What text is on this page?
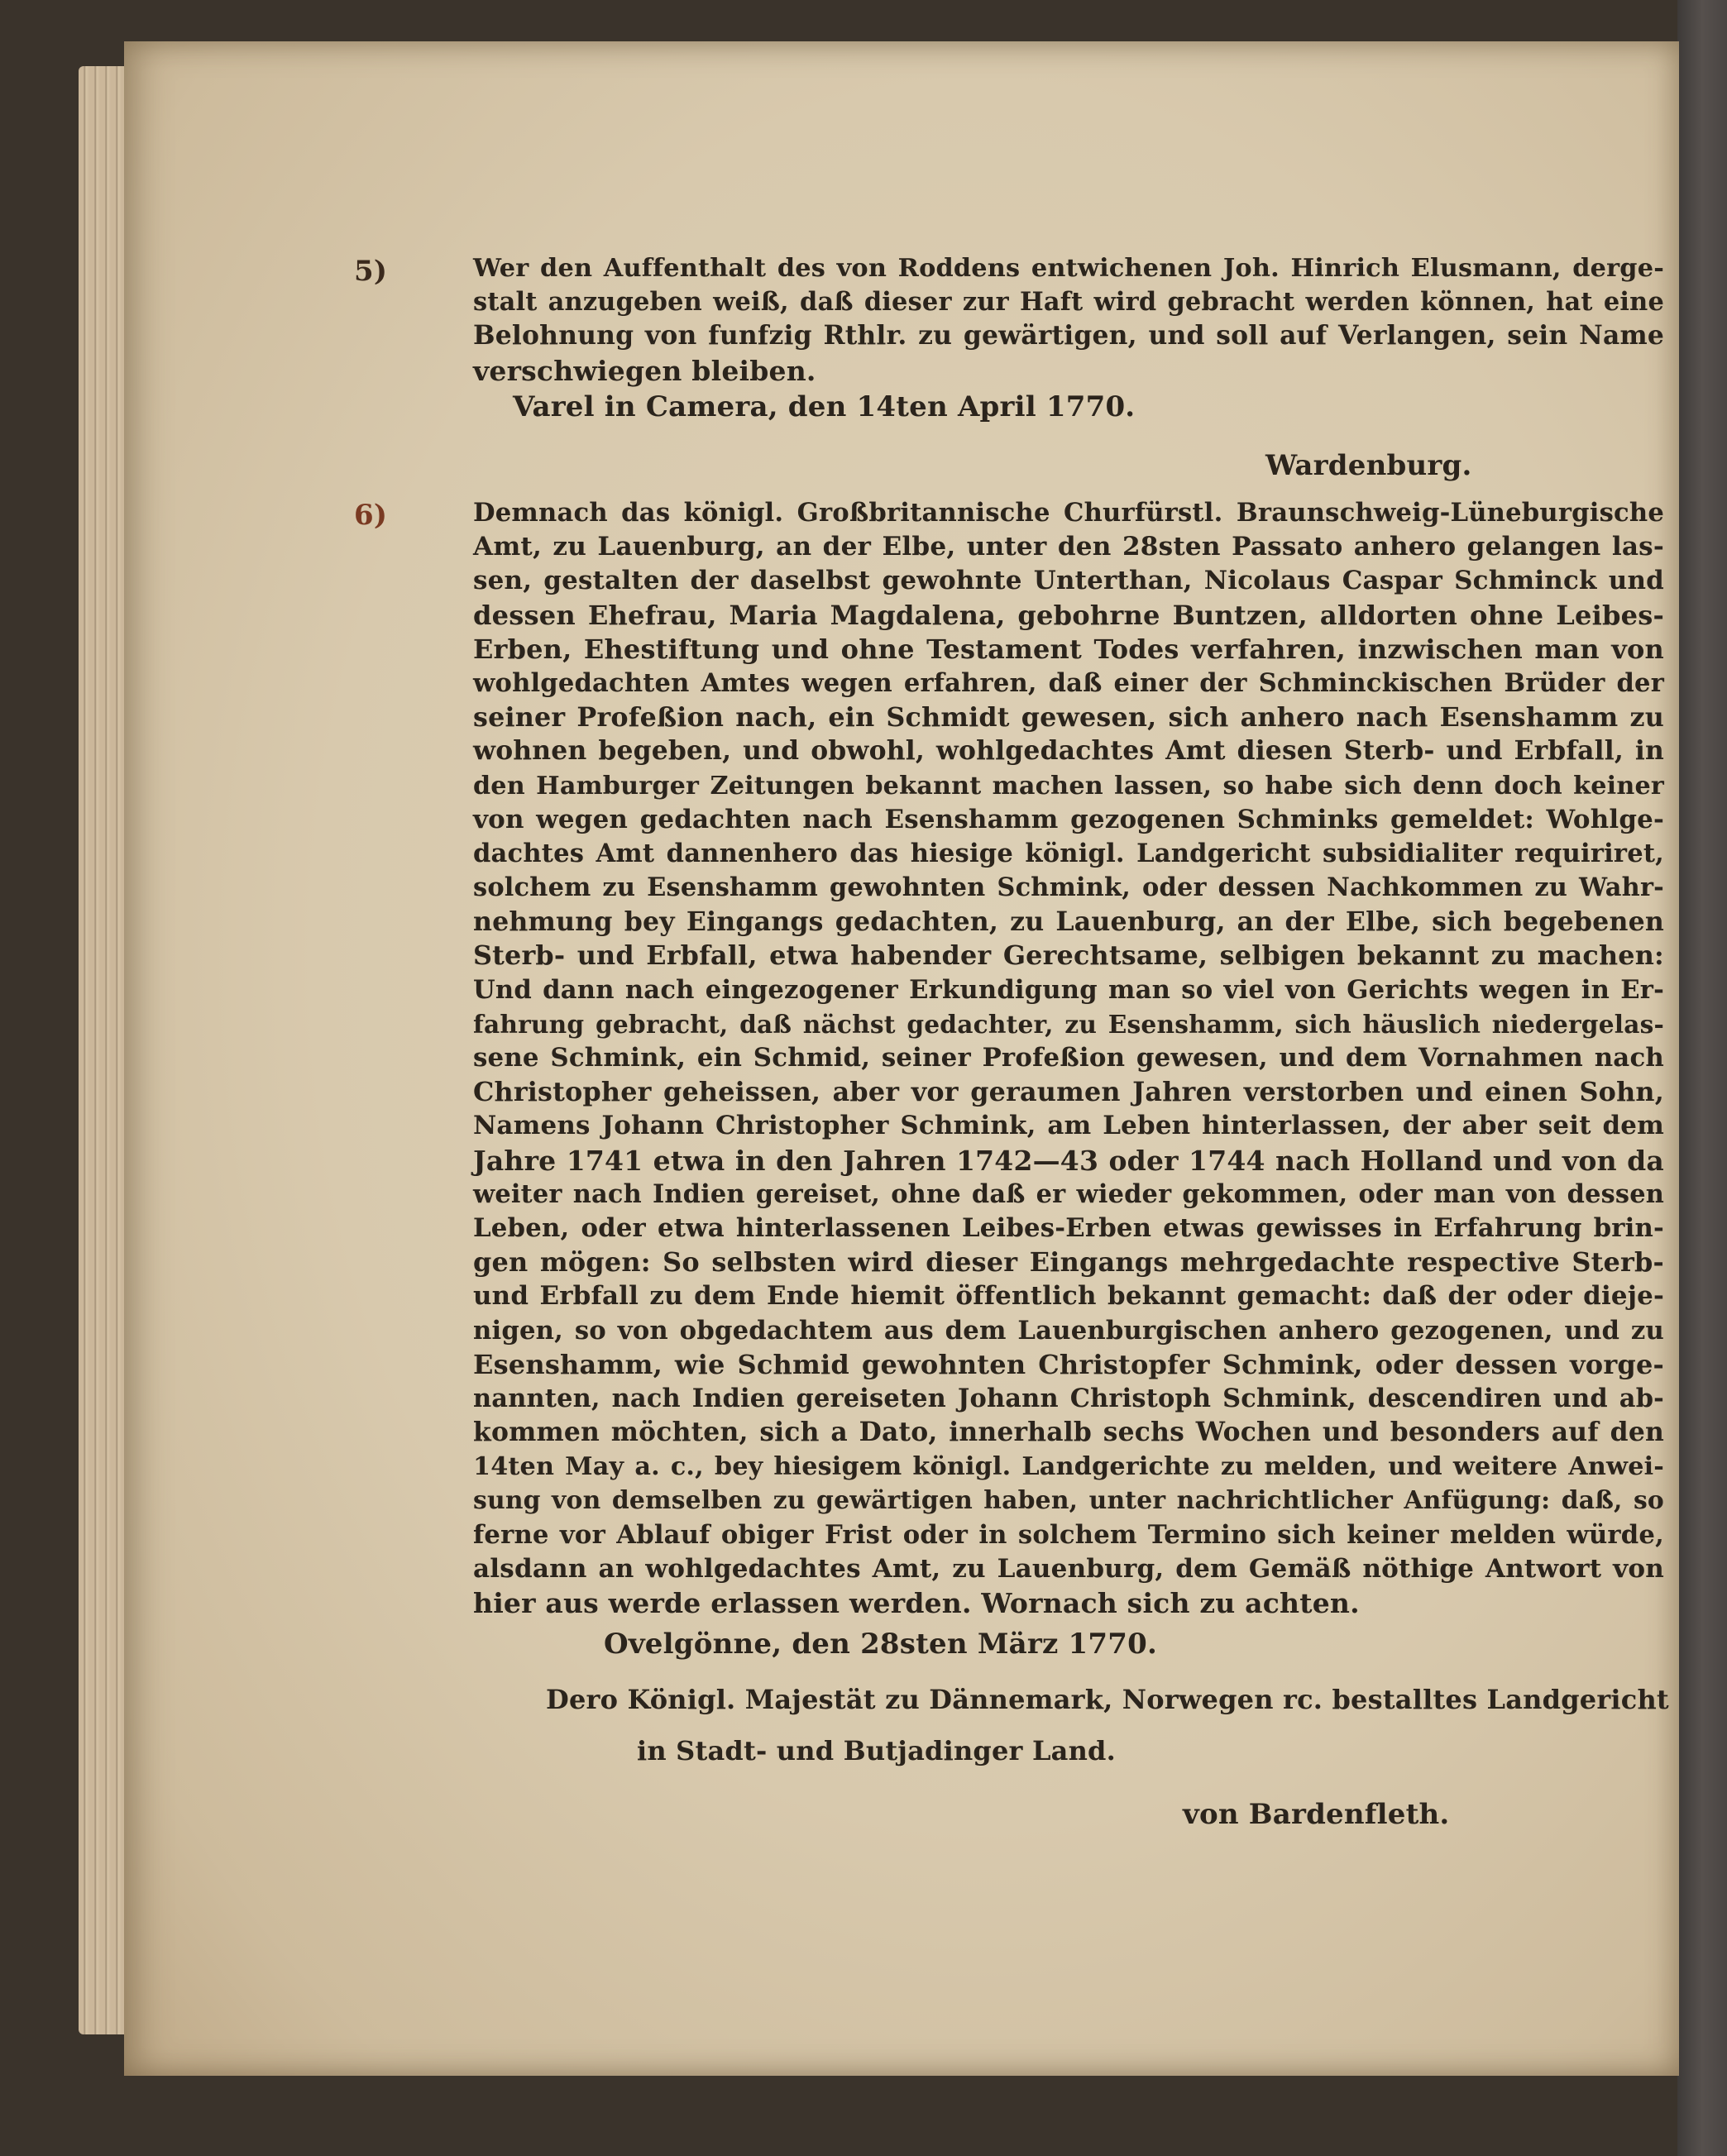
5)	Wer den Auffenthalt des von Roddens entwichenen Joh. Hinrich Elusmann, derge-
stalt anzugeben weiß, daß dieser zur Haft wird gebracht werden können, hat eine
Belohnung von funfzig Rthlr. zu gewärtigen, und soll auf Verlangen, sein Name
verschwiegen bleiben.
Varel in Camera, den 14ten April 1770.
Wardenburg.
6)	Demnach das königl. Großbritannische Churfürstl. Braunschweig-Lüneburgische
Amt, zu Lauenburg, an der Elbe, unter den 28sten Passato anhero gelangen las-
sen, gestalten der daselbst gewohnte Unterthan, Nicolaus Caspar Schminck und
dessen Ehefrau, Maria Magdalena, gebohrne Buntzen, alldorten ohne Leibes-
Erben, Ehestiftung und ohne Testament Todes verfahren, inzwischen man von
wohlgedachten Amtes wegen erfahren, daß einer der Schminckischen Brüder der
seiner Profeßion nach, ein Schmidt gewesen, sich anhero nach Esenshamm zu
wohnen begeben, und obwohl, wohlgedachtes Amt diesen Sterb- und Erbfall, in
den Hamburger Zeitungen bekannt machen lassen, so habe sich denn doch keiner
von wegen gedachten nach Esenshamm gezogenen Schminks gemeldet: Wohlge-
dachtes Amt dannenhero das hiesige königl. Landgericht subsidialiter requiriret,
solchem zu Esenshamm gewohnten Schmink, oder dessen Nachkommen zu Wahr-
nehmung bey Eingangs gedachten, zu Lauenburg, an der Elbe, sich begebenen
Sterb- und Erbfall, etwa habender Gerechtsame, selbigen bekannt zu machen:
Und dann nach eingezogener Erkundigung man so viel von Gerichts wegen in Er-
fahrung gebracht, daß nächst gedachter, zu Esenshamm, sich häuslich niedergelas-
sene Schmink, ein Schmid, seiner Profeßion gewesen, und dem Vornahmen nach
Christopher geheissen, aber vor geraumen Jahren verstorben und einen Sohn,
Namens Johann Christopher Schmink, am Leben hinterlassen, der aber seit dem
Jahre 1741 etwa in den Jahren 1742—43 oder 1744 nach Holland und von da
weiter nach Indien gereiset, ohne daß er wieder gekommen, oder man von dessen
Leben, oder etwa hinterlassenen Leibes-Erben etwas gewisses in Erfahrung brin-
gen mögen: So selbsten wird dieser Eingangs mehrgedachte respective Sterb-
und Erbfall zu dem Ende hiemit öffentlich bekannt gemacht: daß der oder dieje-
nigen, so von obgedachtem aus dem Lauenburgischen anhero gezogenen, und zu
Esenshamm, wie Schmid gewohnten Christopfer Schmink, oder dessen vorge-
nannten, nach Indien gereiseten Johann Christoph Schmink, descendiren und ab-
kommen möchten, sich a Dato, innerhalb sechs Wochen und besonders auf den
14ten May a. c., bey hiesigem königl. Landgerichte zu melden, und weitere Anwei-
sung von demselben zu gewärtigen haben, unter nachrichtlicher Anfügung: daß, so
ferne vor Ablauf obiger Frist oder in solchem Termino sich keiner melden würde,
alsdann an wohlgedachtes Amt, zu Lauenburg, dem Gemäß nöthige Antwort von
hier aus werde erlassen werden. Wornach sich zu achten.
Ovelgönne, den 28sten März 1770.
Dero Königl. Majestät zu Dännemark, Norwegen rc. bestalltes Landgericht
in Stadt- und Butjadinger Land.
von Bardenfleth.
